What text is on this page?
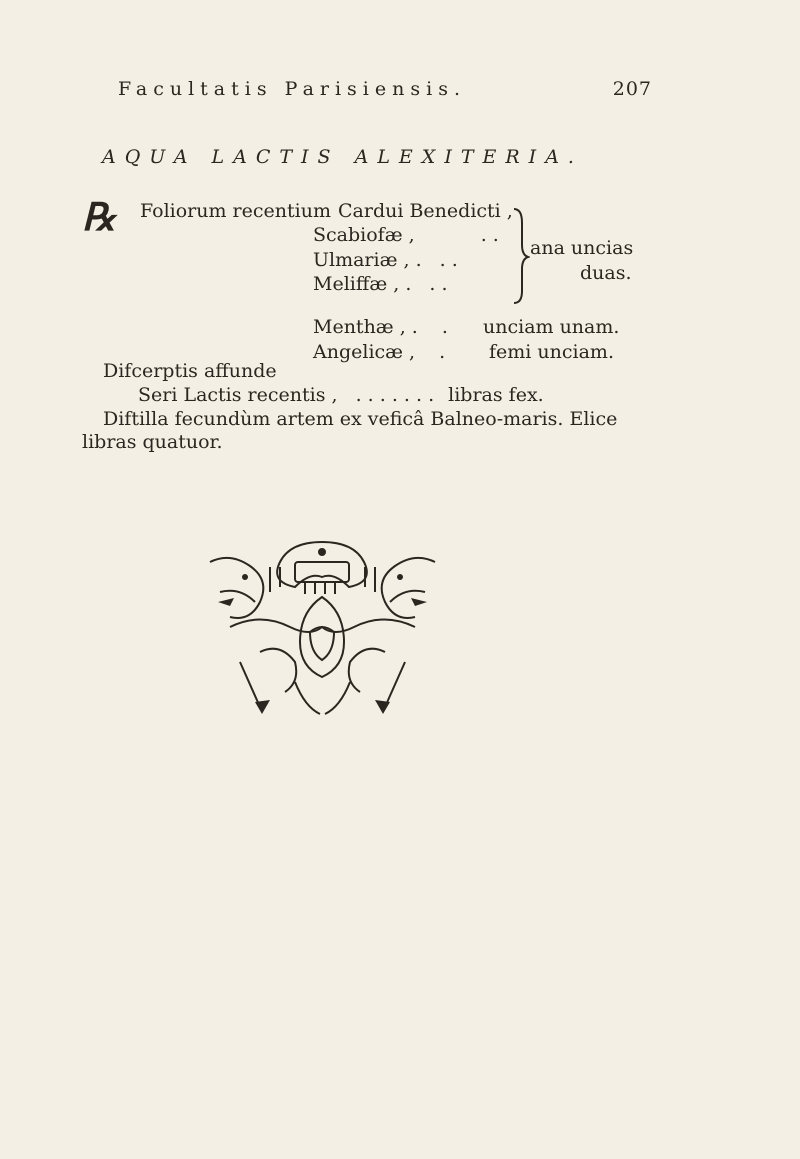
Facultatis Parisiensis.	207
AQUA LACTIS ALEXITERIA.
℞ Foliorum recentium Cardui Benedicti ,
Scabiofæ ,	. .
Ulmariæ , . . .
Meliffæ , . . .
Menthæ , . .
Angelicæ , .
ana uncias
duas.
unciam unam.
femi unciam.
Difcerptis affunde
Seri Lactis recentis , . . . . . . . libras fex.
Diftilla fecundùm artem ex veficâ Balneo-maris. Elice
libras quatuor.
